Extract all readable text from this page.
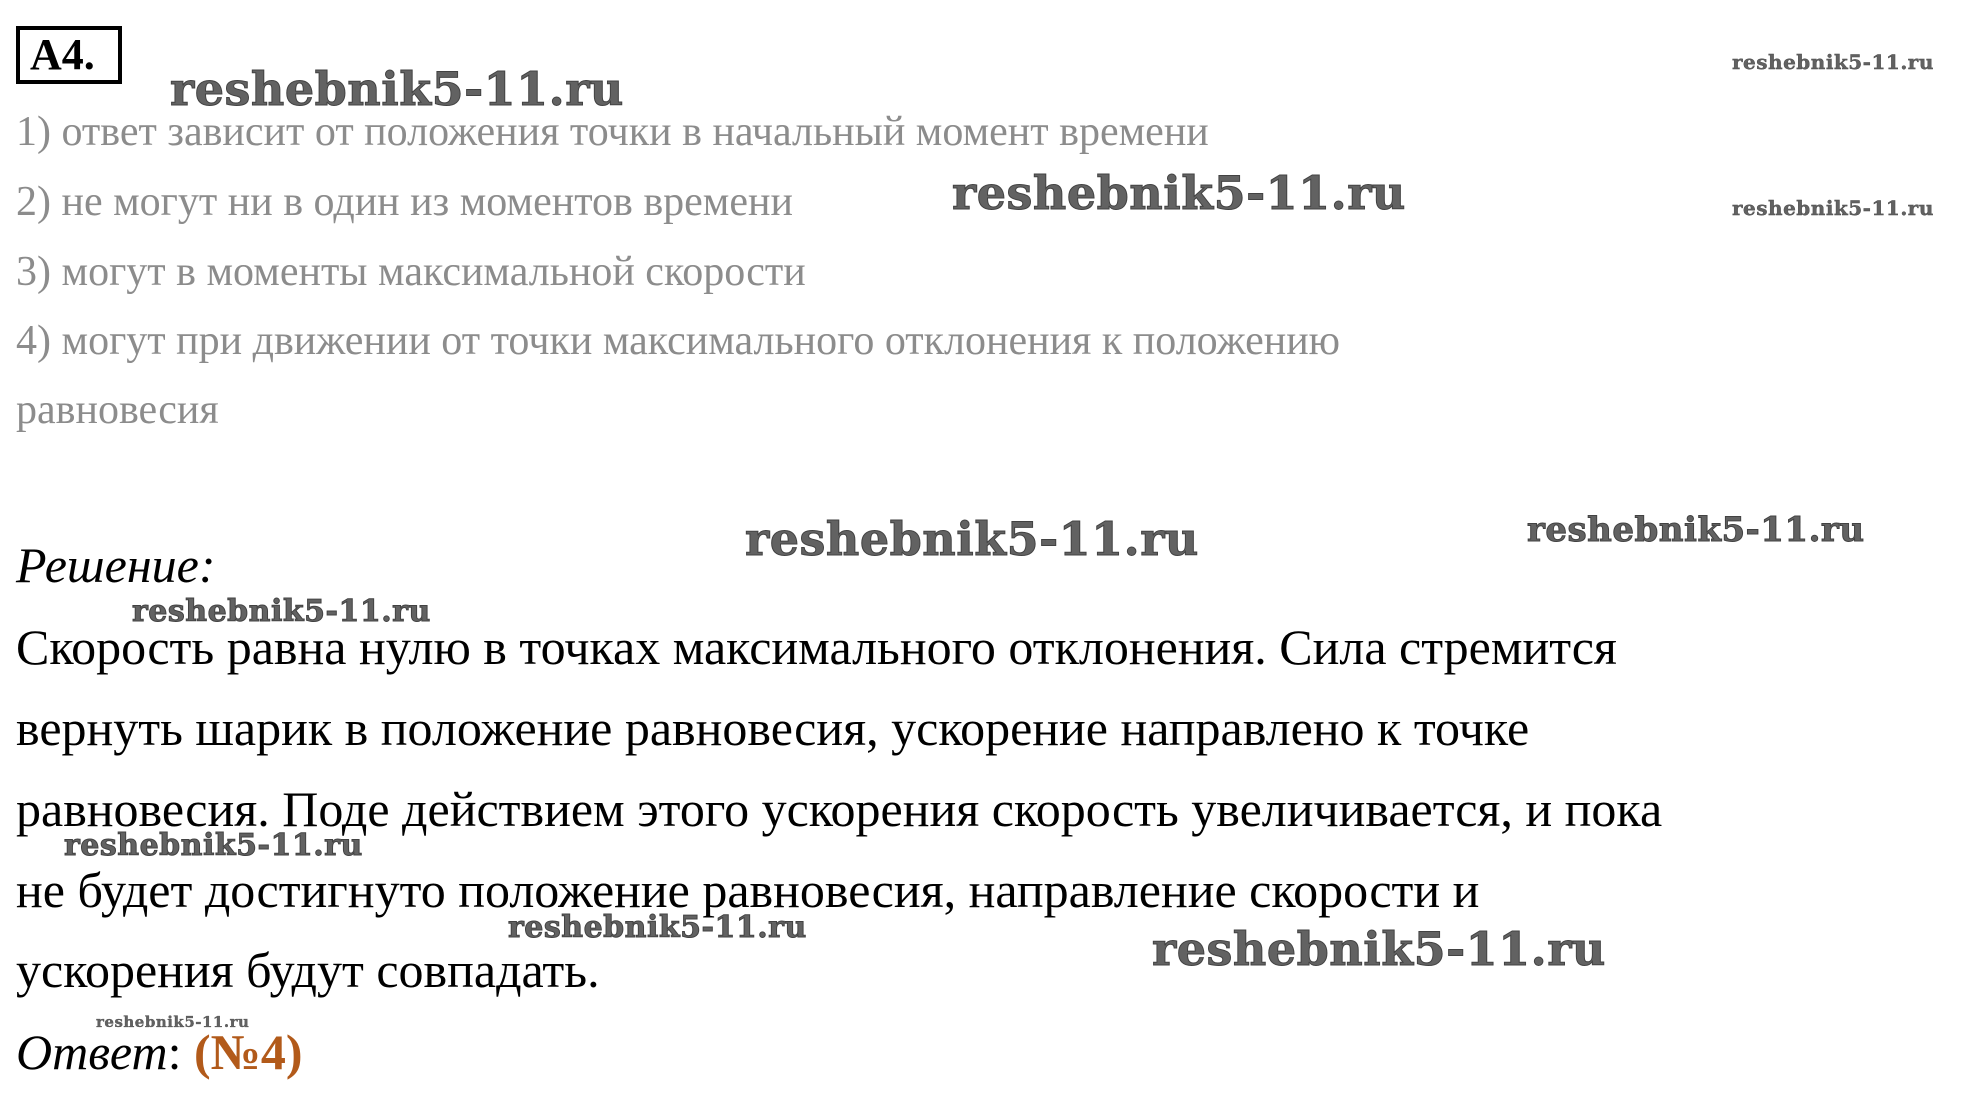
A4.
1) ответ зависит от положения точки в начальный момент времени
2) не могут ни в один из моментов времени
3) могут в моменты максимальной скорости
4) могут при движении от точки максимального отклонения к положению
равновесия
Решение:
Скорость равна нулю в точках максимального отклонения. Сила стремится
вернуть шарик в положение равновесия, ускорение направлено к точке
равновесия. Поде действием этого ускорения скорость увеличивается, и пока
не будет достигнуто положение равновесия, направление скорости и
ускорения будут совпадать.
Ответ: (№4)
reshebnik5-11.ru	reshebnik5-11.ru
reshebnik5-11.ru	reshebnik5-11.ru
reshebnik5-11.ru	reshebnik5-11.ru
reshebnik5-11.ru
reshebnik5-11.ru
reshebnik5-11.ru	reshebnik5-11.ru
reshebnik5-11.ru
